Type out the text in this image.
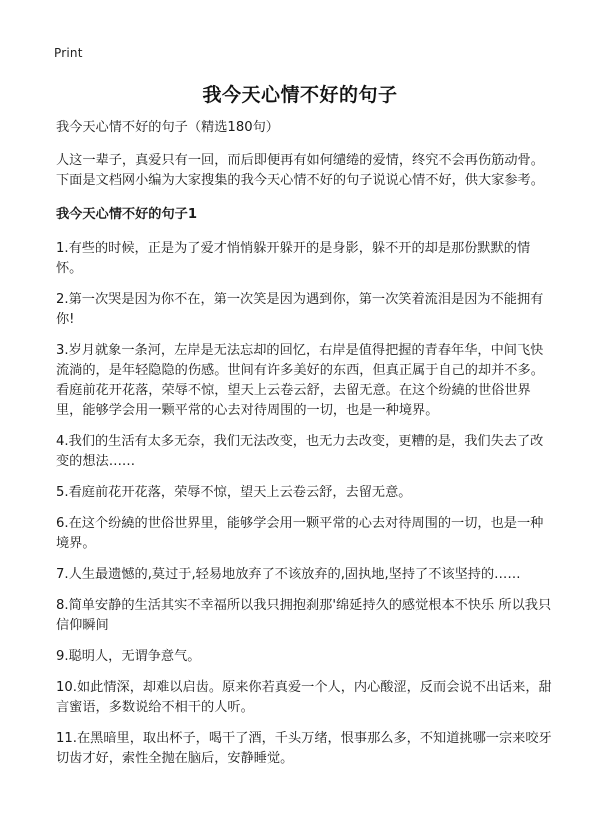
Print
我今天心情不好的句子

我今天心情不好的句子（精选180句）

人这一辈子，真爱只有一回，而后即便再有如何缱绻的爱情，终究不会再伤筋动骨。下面是文档网小编为大家搜集的我今天心情不好的句子说说心情不好，供大家参考。

我今天心情不好的句子1

1.有些的时候，正是为了爱才悄悄躲开躲开的是身影，躲不开的却是那份默默的情怀。

2.第一次哭是因为你不在，第一次笑是因为遇到你，第一次笑着流泪是因为不能拥有你!

3.岁月就象一条河，左岸是无法忘却的回忆，右岸是值得把握的青春年华，中间飞快流淌的，是年轻隐隐的伤感。世间有许多美好的东西，但真正属于自己的却并不多。看庭前花开花落，荣辱不惊，望天上云卷云舒，去留无意。在这个纷繞的世俗世界里，能够学会用一颗平常的心去对待周围的一切，也是一种境界。

4.我们的生活有太多无奈，我们无法改变，也无力去改变，更糟的是，我们失去了改变的想法……

5.看庭前花开花落，荣辱不惊，望天上云卷云舒，去留无意。

6.在这个纷繞的世俗世界里，能够学会用一颗平常的心去对待周围的一切，也是一种境界。

7.人生最遗憾的,莫过于,轻易地放弃了不该放弃的,固执地,坚持了不该坚持的……

8.简单安静的生活其实不幸福所以我只拥抱刹那'绵延持久的感觉根本不快乐 所以我只信仰瞬间

9.聪明人，无谓争意气。

10.如此情深，却难以启齿。原来你若真爱一个人，内心酸涩，反而会说不出话来，甜言蜜语，多数说给不相干的人听。

11.在黑暗里，取出杯子，喝干了酒，千头万绪，恨事那么多，不知道挑哪一宗来咬牙切齿才好，索性全抛在脑后，安静睡觉。
